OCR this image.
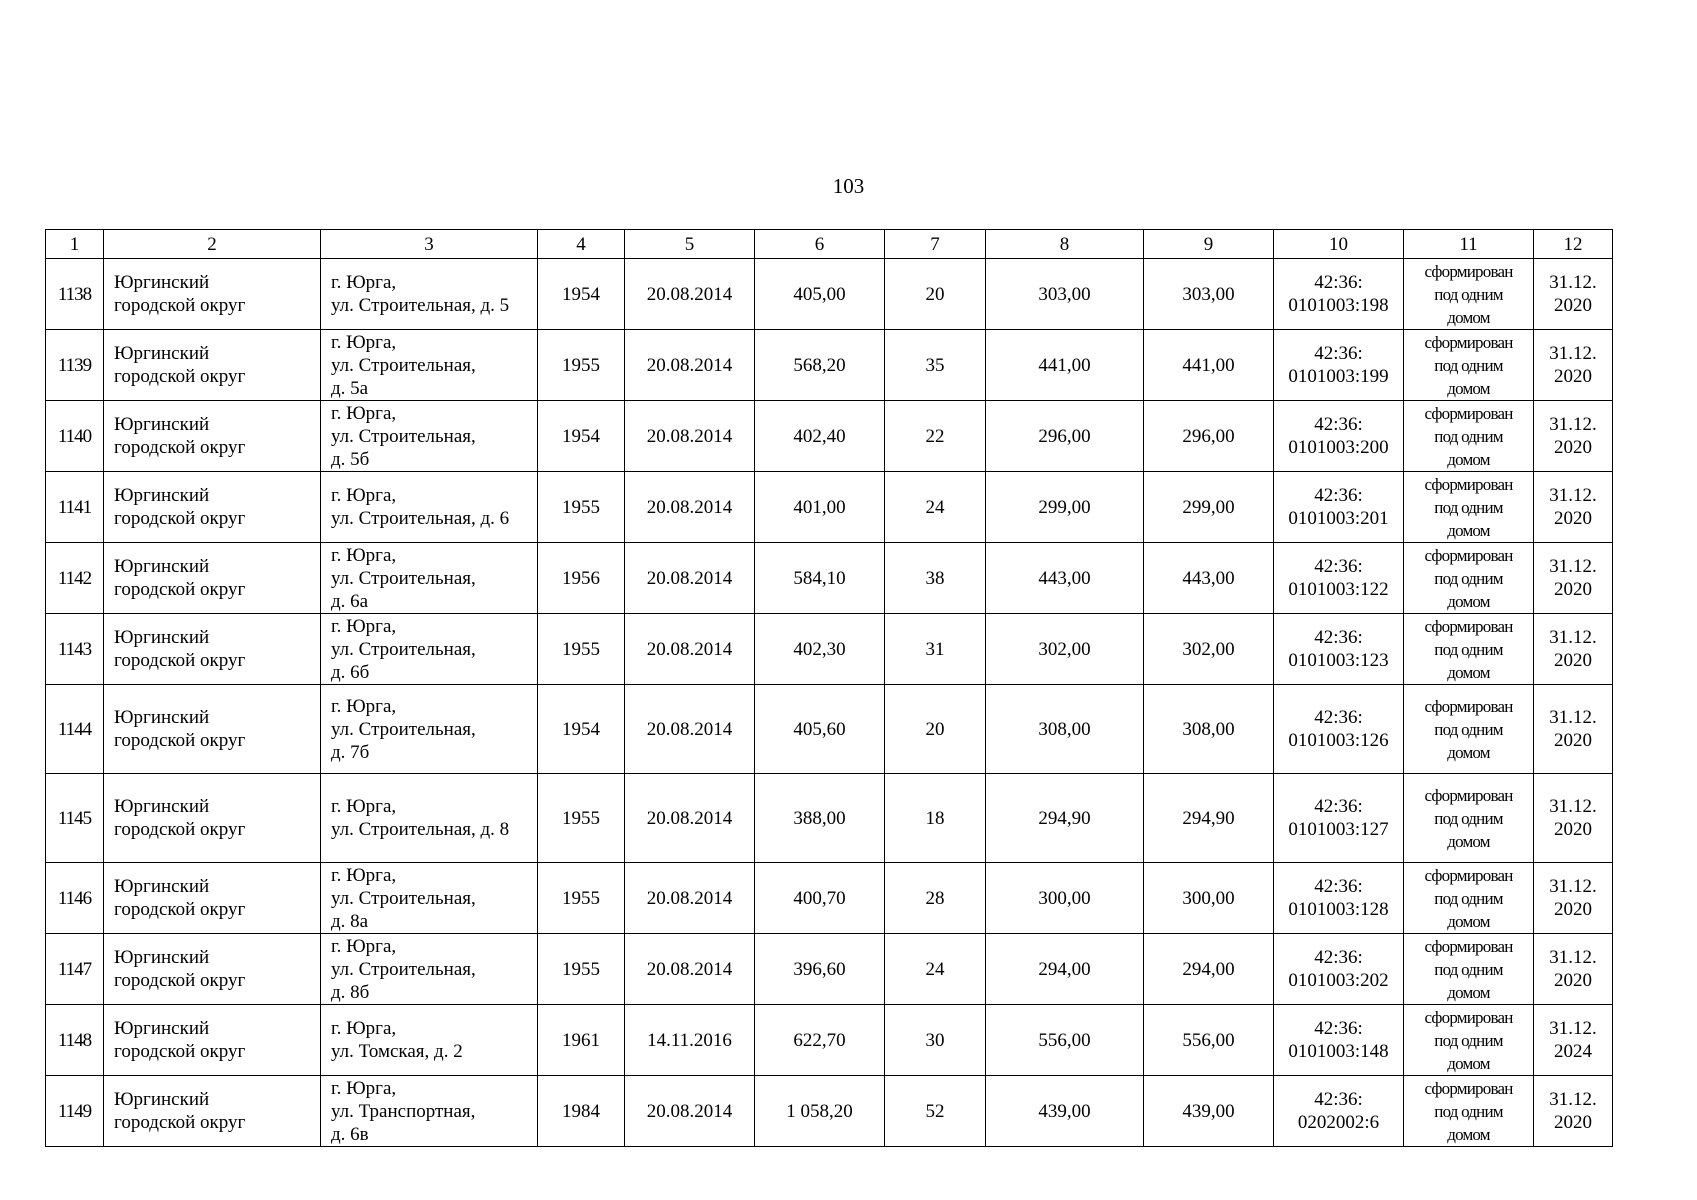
103
1	2	3	4	5	6	7	8	9	10	11	12
1138	Юргинский
городской округ	г. Юрга,
ул. Строительная, д. 5	1954	20.08.2014	405,00	20	303,00	303,00	42:36:
0101003:198	сформирован
под одним
домом	31.12.
2020

1139	Юргинский
городской округ	г. Юрга,
ул. Строительная,
д. 5а	1955	20.08.2014	568,20	35	441,00	441,00	42:36:
0101003:199	сформирован
под одним
домом	31.12.
2020

1140	Юргинский
городской округ	г. Юрга,
ул. Строительная,
д. 5б	1954	20.08.2014	402,40	22	296,00	296,00	42:36:
0101003:200	сформирован
под одним
домом	31.12.
2020

1141	Юргинский
городской округ	г. Юрга,
ул. Строительная, д. 6	1955	20.08.2014	401,00	24	299,00	299,00	42:36:
0101003:201	сформирован
под одним
домом	31.12.
2020

1142	Юргинский
городской округ	г. Юрга,
ул. Строительная,
д. 6а	1956	20.08.2014	584,10	38	443,00	443,00	42:36:
0101003:122	сформирован
под одним
домом	31.12.
2020

1143	Юргинский
городской округ	г. Юрга,
ул. Строительная,
д. 6б	1955	20.08.2014	402,30	31	302,00	302,00	42:36:
0101003:123	сформирован
под одним
домом	31.12.
2020

1144	Юргинский
городской округ	г. Юрга,
ул. Строительная,
д. 7б	1954	20.08.2014	405,60	20	308,00	308,00	42:36:
0101003:126	сформирован
под одним
домом	31.12.
2020

1145	Юргинский
городской округ	г. Юрга,
ул. Строительная, д. 8	1955	20.08.2014	388,00	18	294,90	294,90	42:36:
0101003:127	сформирован
под одним
домом	31.12.
2020

1146	Юргинский
городской округ	г. Юрга,
ул. Строительная,
д. 8а	1955	20.08.2014	400,70	28	300,00	300,00	42:36:
0101003:128	сформирован
под одним
домом	31.12.
2020

1147	Юргинский
городской округ	г. Юрга,
ул. Строительная,
д. 8б	1955	20.08.2014	396,60	24	294,00	294,00	42:36:
0101003:202	сформирован
под одним
домом	31.12.
2020

1148	Юргинский
городской округ	г. Юрга,
ул. Томская, д. 2	1961	14.11.2016	622,70	30	556,00	556,00	42:36:
0101003:148	сформирован
под одним
домом	31.12.
2024

1149	Юргинский
городской округ	г. Юрга,
ул. Транспортная,
д. 6в	1984	20.08.2014	1 058,20	52	439,00	439,00	42:36:
0202002:6	сформирован
под одним
домом	31.12.
2020
